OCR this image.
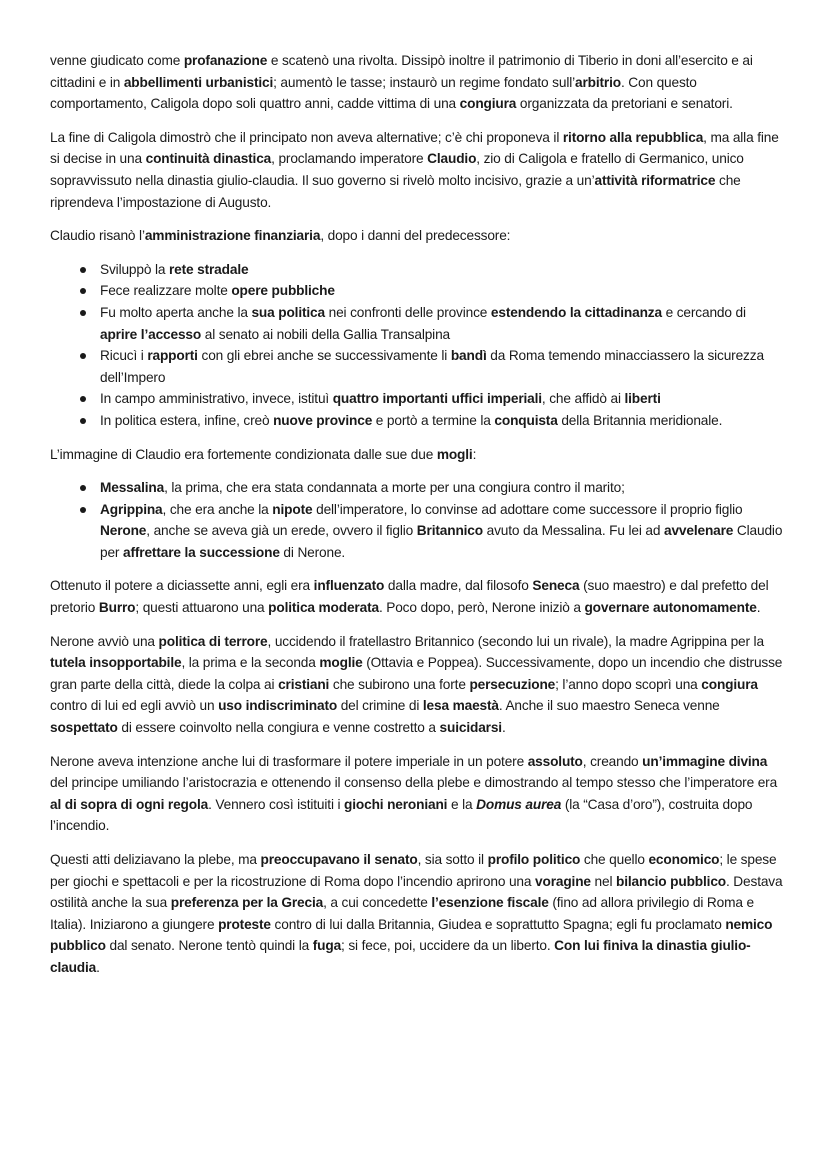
venne giudicato come profanazione e scatenò una rivolta. Dissipò inoltre il patrimonio di Tiberio in doni all’esercito e ai cittadini e in abbellimenti urbanistici; aumentò le tasse; instaurò un regime fondato sull’arbitrio. Con questo comportamento, Caligola dopo soli quattro anni, cadde vittima di una congiura organizzata da pretoriani e senatori.

La fine di Caligola dimostrò che il principato non aveva alternative; c’è chi proponeva il ritorno alla repubblica, ma alla fine si decise in una continuità dinastica, proclamando imperatore Claudio, zio di Caligola e fratello di Germanico, unico sopravvissuto nella dinastia giulio-claudia. Il suo governo si rivelò molto incisivo, grazie a un’attività riformatrice che riprendeva l’impostazione di Augusto.

Claudio risanò l’amministrazione finanziaria, dopo i danni del predecessore:

Sviluppò la rete stradale
Fece realizzare molte opere pubbliche
Fu molto aperta anche la sua politica nei confronti delle province estendendo la cittadinanza e cercando di aprire l’accesso al senato ai nobili della Gallia Transalpina
Ricucì i rapporti con gli ebrei anche se successivamente li bandì da Roma temendo minacciassero la sicurezza dell’Impero
In campo amministrativo, invece, istituì quattro importanti uffici imperiali, che affidò ai liberti
In politica estera, infine, creò nuove province e portò a termine la conquista della Britannia meridionale.

L’immagine di Claudio era fortemente condizionata dalle sue due mogli:

Messalina, la prima, che era stata condannata a morte per una congiura contro il marito;
Agrippina, che era anche la nipote dell’imperatore, lo convinse ad adottare come successore il proprio figlio Nerone, anche se aveva già un erede, ovvero il figlio Britannico avuto da Messalina. Fu lei ad avvelenare Claudio per affrettare la successione di Nerone.

Ottenuto il potere a diciassette anni, egli era influenzato dalla madre, dal filosofo Seneca (suo maestro) e dal prefetto del pretorio Burro; questi attuarono una politica moderata. Poco dopo, però, Nerone iniziò a governare autonomamente.

Nerone avviò una politica di terrore, uccidendo il fratellastro Britannico (secondo lui un rivale), la madre Agrippina per la tutela insopportabile, la prima e la seconda moglie (Ottavia e Poppea). Successivamente, dopo un incendio che distrusse gran parte della città, diede la colpa ai cristiani che subirono una forte persecuzione; l’anno dopo scoprì una congiura contro di lui ed egli avviò un uso indiscriminato del crimine di lesa maestà. Anche il suo maestro Seneca venne sospettato di essere coinvolto nella congiura e venne costretto a suicidarsi.

Nerone aveva intenzione anche lui di trasformare il potere imperiale in un potere assoluto, creando un’immagine divina del principe umiliando l’aristocrazia e ottenendo il consenso della plebe e dimostrando al tempo stesso che l’imperatore era al di sopra di ogni regola. Vennero così istituiti i giochi neroniani e la Domus aurea (la “Casa d’oro”), costruita dopo l’incendio.

Questi atti deliziavano la plebe, ma preoccupavano il senato, sia sotto il profilo politico che quello economico; le spese per giochi e spettacoli e per la ricostruzione di Roma dopo l’incendio aprirono una voragine nel bilancio pubblico. Destava ostilità anche la sua preferenza per la Grecia, a cui concedette l’esenzione fiscale (fino ad allora privilegio di Roma e Italia). Iniziarono a giungere proteste contro di lui dalla Britannia, Giudea e soprattutto Spagna; egli fu proclamato nemico pubblico dal senato. Nerone tentò quindi la fuga; si fece, poi, uccidere da un liberto. Con lui finiva la dinastia giulio-claudia.
